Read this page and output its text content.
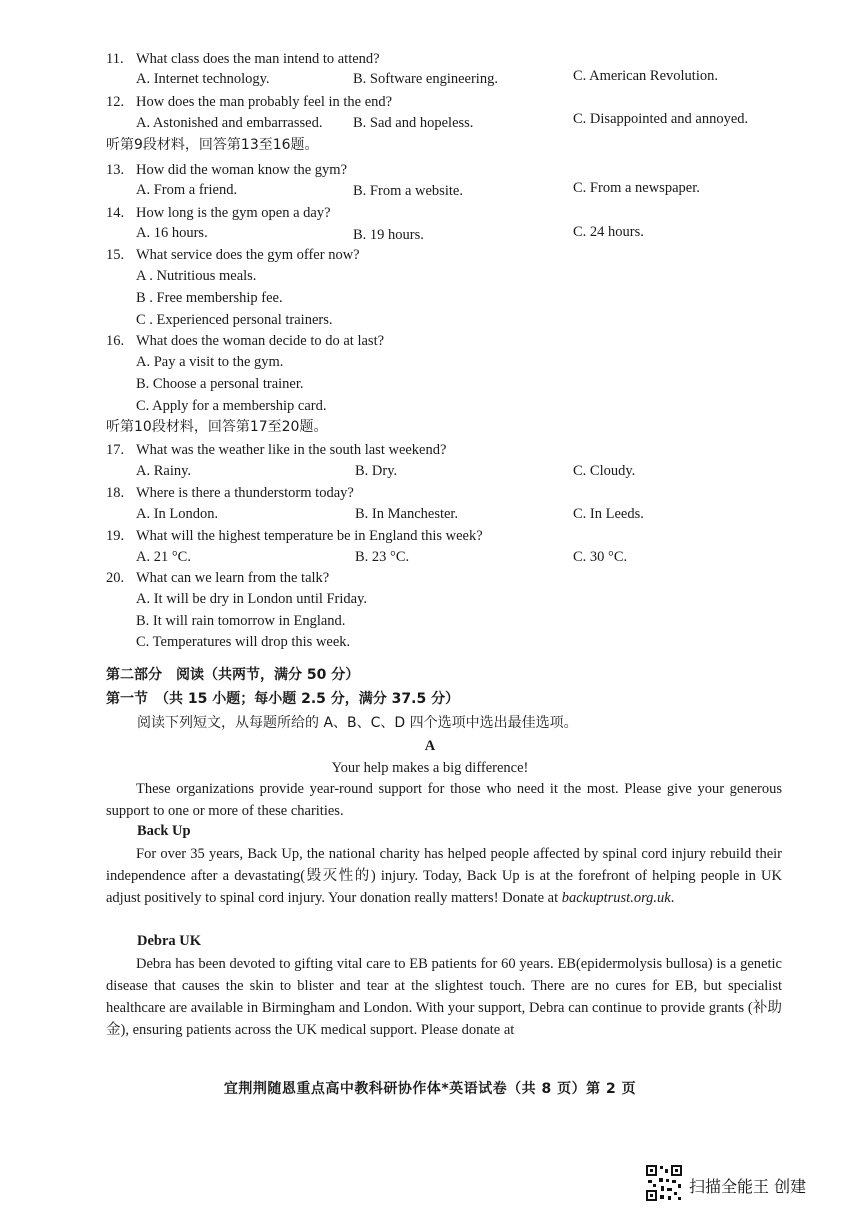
11. What class does the man intend to attend?
A. Internet technology.	B. Software engineering.	C. American Revolution.
12. How does the man probably feel in the end?
A. Astonished and embarrassed. B. Sad and hopeless.	C. Disappointed and annoyed.
听第9段材料，回答第13至16题。
13. How did the woman know the gym?
A. From a friend.	B. From a website.	C. From a newspaper.
14. How long is the gym open a day?
A. 16 hours.	B. 19 hours.	C. 24 hours.
15. What service does the gym offer now?
A . Nutritious meals.
B . Free membership fee.
C . Experienced personal trainers.
16. What does the woman decide to do at last?
A. Pay a visit to the gym.
B. Choose a personal trainer.
C. Apply for a membership card.
听第10段材料，回答第17至20题。
17. What was the weather like in the south last weekend?
A. Rainy.	B. Dry.	C. Cloudy.
18. Where is there a thunderstorm today?
A. In London.	B. In Manchester.	C. In Leeds.
19. What will the highest temperature be in England this week?
A. 21 °C.	B. 23 °C.	C. 30 °C.
20. What can we learn from the talk?
A. It will be dry in London until Friday.
B. It will rain tomorrow in England.
C. Temperatures will drop this week.
第二部分　阅读（共两节，满分 50 分）
第一节　（共 15 小题；每小题 2.5 分，满分 37.5 分）
阅读下列短文，从每题所给的 A、B、C、D 四个选项中选出最佳选项。
A
Your help makes a big difference!
These organizations provide year-round support for those who need it the most. Please give your generous support to one or more of these charities.
Back Up
For over 35 years, Back Up, the national charity has helped people affected by spinal cord injury rebuild their independence after a devastating(毁灭性的) injury. Today, Back Up is at the forefront of helping people in UK adjust positively to spinal cord injury. Your donation really matters! Donate at backuptrust.org.uk.
Debra UK
Debra has been devoted to gifting vital care to EB patients for 60 years. EB(epidermolysis bullosa) is a genetic disease that causes the skin to blister and tear at the slightest touch. There are no cures for EB, but specialist healthcare are available in Birmingham and London. With your support, Debra can continue to provide grants (补助金), ensuring patients across the UK medical support. Please donate at
宜荆荆随恩重点高中教科研协作体*英语试卷（共 8 页）第 2 页
扫描全能王 创建
